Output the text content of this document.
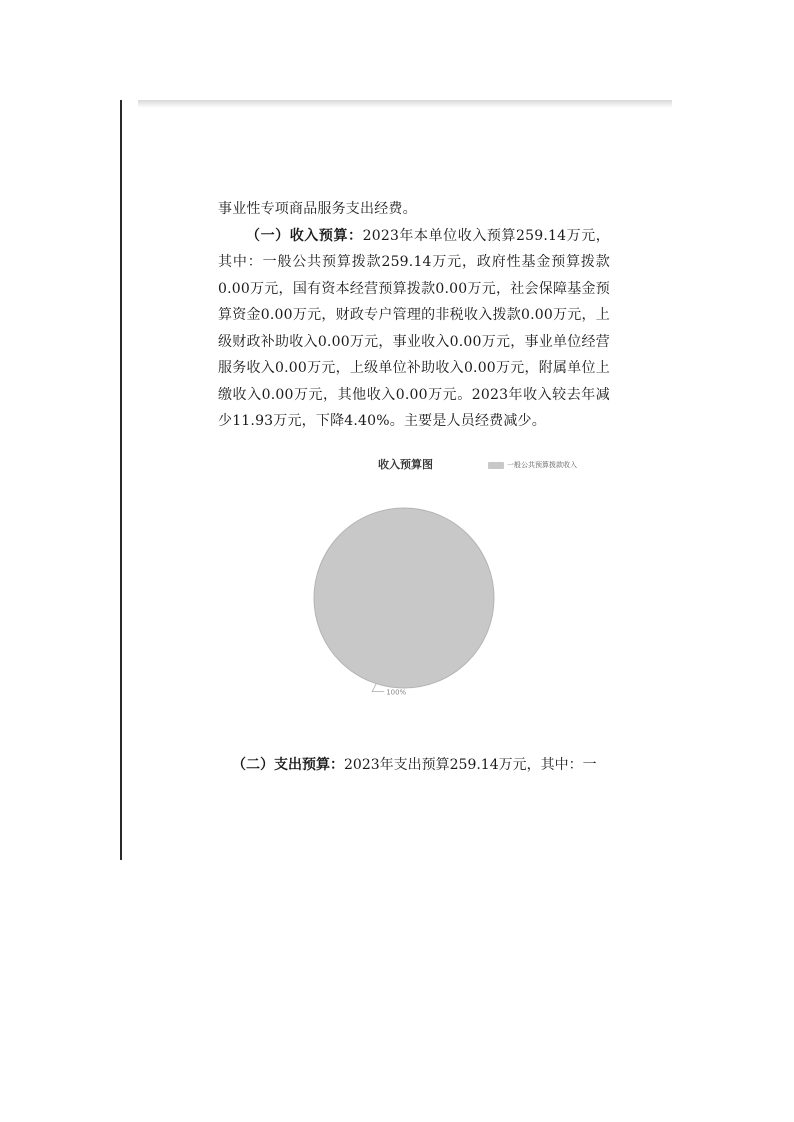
事业性专项商品服务支出经费。

（一）收入预算：2023年本单位收入预算259.14万元，其中：一般公共预算拨款259.14万元，政府性基金预算拨款0.00万元，国有资本经营预算拨款0.00万元，社会保障基金预算资金0.00万元，财政专户管理的非税收入拨款0.00万元，上级财政补助收入0.00万元，事业收入0.00万元，事业单位经营服务收入0.00万元，上级单位补助收入0.00万元，附属单位上缴收入0.00万元，其他收入0.00万元。2023年收入较去年减少11.93万元，下降4.40%。主要是人员经费减少。

收入预算图	一般公共预算拨款收入
100%
（二）支出预算：2023年支出预算259.14万元，其中：一
